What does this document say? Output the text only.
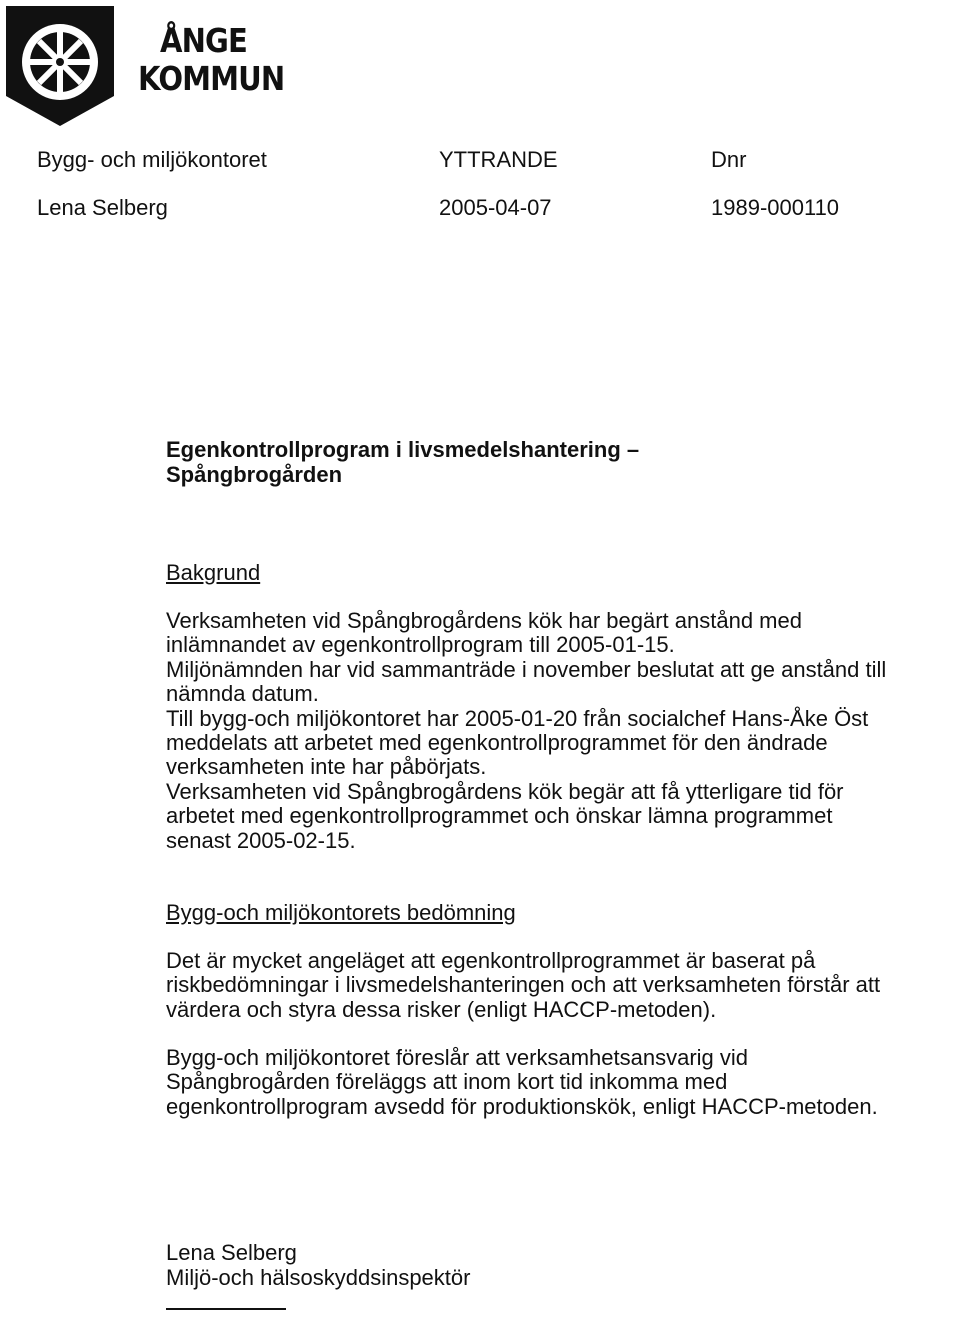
ÅNGE
KOMMUN
Bygg- och miljökontoret	YTTRANDE	Dnr
Lena Selberg	2005-04-07	1989-000110
Egenkontrollprogram i livsmedelshantering –
Spångbrogården
Bakgrund
Verksamheten vid Spångbrogårdens kök har begärt anstånd med
inlämnandet av egenkontrollprogram till 2005-01-15.
Miljönämnden har vid sammanträde i november beslutat att ge anstånd till
nämnda datum.
Till bygg-och miljökontoret har 2005-01-20 från socialchef Hans-Åke Öst
meddelats att arbetet med egenkontrollprogrammet för den ändrade
verksamheten inte har påbörjats.
Verksamheten vid Spångbrogårdens kök begär att få ytterligare tid för
arbetet med egenkontrollprogrammet och önskar lämna programmet
senast 2005-02-15.
Bygg-och miljökontorets bedömning
Det är mycket angeläget att egenkontrollprogrammet är baserat på
riskbedömningar i livsmedelshanteringen och att verksamheten förstår att
värdera och styra dessa risker (enligt HACCP-metoden).
Bygg-och miljökontoret föreslår att verksamhetsansvarig vid
Spångbrogården föreläggs att inom kort tid inkomma med
egenkontrollprogram avsedd för produktionskök, enligt HACCP-metoden.
Lena Selberg
Miljö-och hälsoskyddsinspektör
